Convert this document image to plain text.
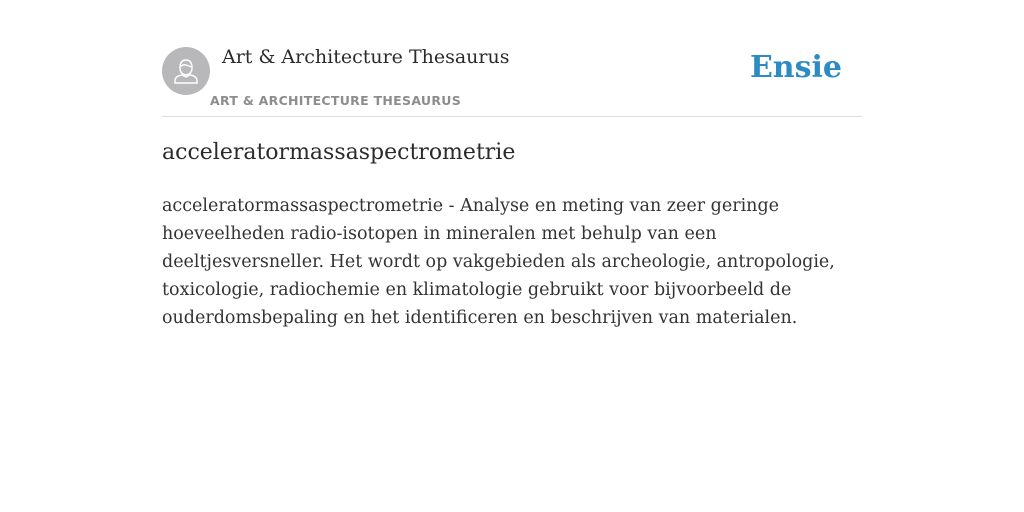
Art & Architecture Thesaurus
ART & ARCHITECTURE THESAURUS
Ensie
acceleratormassaspectrometrie

acceleratormassaspectrometrie - Analyse en meting van zeer geringe hoeveelheden radio-isotopen in mineralen met behulp van een deeltjesversneller. Het wordt op vakgebieden als archeologie, antropologie, toxicologie, radiochemie en klimatologie gebruikt voor bijvoorbeeld de ouderdomsbepaling en het identificeren en beschrijven van materialen.
